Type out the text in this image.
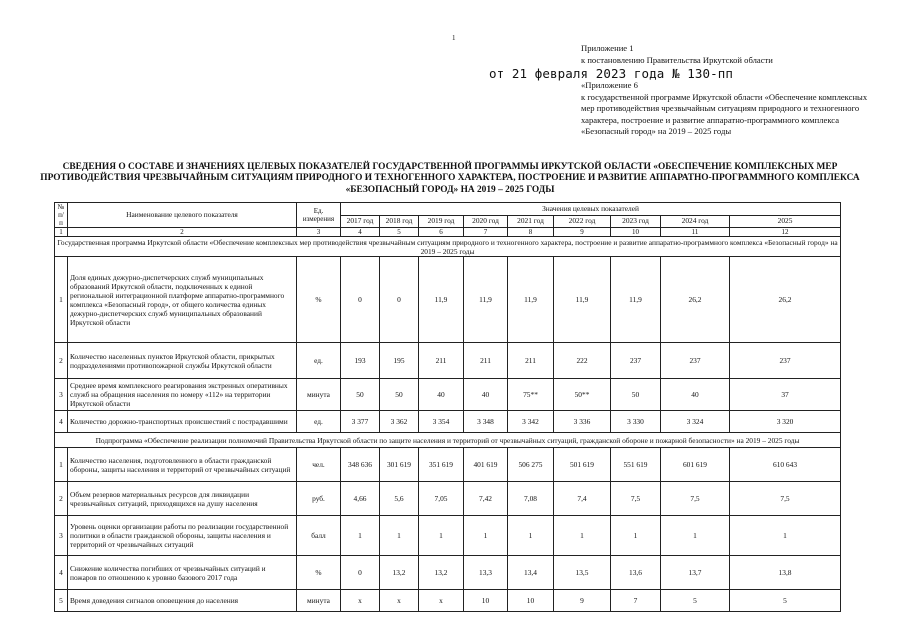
1
Приложение 1
к постановлению Правительства Иркутской области
от 21 февраля 2023 года № 130-пп
«Приложение 6
к государственной программе Иркутской области «Обеспечение комплексных мер противодействия чрезвычайным ситуациям природного и техногенного характера, построение и развитие аппаратно-программного комплекса «Безопасный город» на 2019 – 2025 годы
СВЕДЕНИЯ О СОСТАВЕ И ЗНАЧЕНИЯХ ЦЕЛЕВЫХ ПОКАЗАТЕЛЕЙ ГОСУДАРСТВЕННОЙ ПРОГРАММЫ ИРКУТСКОЙ ОБЛАСТИ «ОБЕСПЕЧЕНИЕ КОМПЛЕКСНЫХ МЕР ПРОТИВОДЕЙСТВИЯ ЧРЕЗВЫЧАЙНЫМ СИТУАЦИЯМ ПРИРОДНОГО И ТЕХНОГЕННОГО ХАРАКТЕРА, ПОСТРОЕНИЕ И РАЗВИТИЕ АППАРАТНО-ПРОГРАММНОГО КОМПЛЕКСА «БЕЗОПАСНЫЙ ГОРОД» НА 2019 – 2025 ГОДЫ
№ п/п	Наименование целевого показателя	Ед. измерения	Значения целевых показателей								
			2017 год	2018 год	2019 год	2020 год	2021 год	2022 год	2023 год	2024 год	2025
1	2	3	4	5	6	7	8	9	10	11	12
Государственная программа Иркутской области «Обеспечение комплексных мер противодействия чрезвычайным ситуациям природного и техногенного характера, построение и развитие аппаратно-программного комплекса «Безопасный город» на 2019 – 2025 годы											
1	Доля единых дежурно-диспетчерских служб муниципальных образований Иркутской области, подключенных к единой региональной интеграционной платформе аппаратно-программного комплекса «Безопасный город», от общего количества единых дежурно-диспетчерских служб муниципальных образований Иркутской области	%	0	0	11,9	11,9	11,9	11,9	11,9	26,2	26,2
2	Количество населенных пунктов Иркутской области, прикрытых подразделениями противопожарной службы Иркутской области	ед.	193	195	211	211	211	222	237	237	237
3	Среднее время комплексного реагирования экстренных оперативных служб на обращения населения по номеру «112» на территории Иркутской области	минута	50	50	40	40	75**	50**	50	40	37
4	Количество дорожно-транспортных происшествий с пострадавшими	ед.	3 377	3 362	3 354	3 348	3 342	3 336	3 330	3 324	3 320
Подпрограмма «Обеспечение реализации полномочий Правительства Иркутской области по защите населения и территорий от чрезвычайных ситуаций, гражданской обороне и пожарной безопасности» на 2019 – 2025 годы											
1	Количество населения, подготовленного в области гражданской обороны, защиты населения и территорий от чрезвычайных ситуаций	чел.	348 636	301 619	351 619	401 619	506 275	501 619	551 619	601 619	610 643
2	Объем резервов материальных ресурсов для ликвидации чрезвычайных ситуаций, приходящихся на душу населения	руб.	4,66	5,6	7,05	7,42	7,08	7,4	7,5	7,5	7,5
3	Уровень оценки организации работы по реализации государственной политики в области гражданской обороны, защиты населения и территорий от чрезвычайных ситуаций	балл	1	1	1	1	1	1	1	1	1
4	Снижение количества погибших от чрезвычайных ситуаций и пожаров по отношению к уровню базового 2017 года	%	0	13,2	13,2	13,3	13,4	13,5	13,6	13,7	13,8
5	Время доведения сигналов оповещения до населения	минута	х	х	х	10	10	9	7	5	5
